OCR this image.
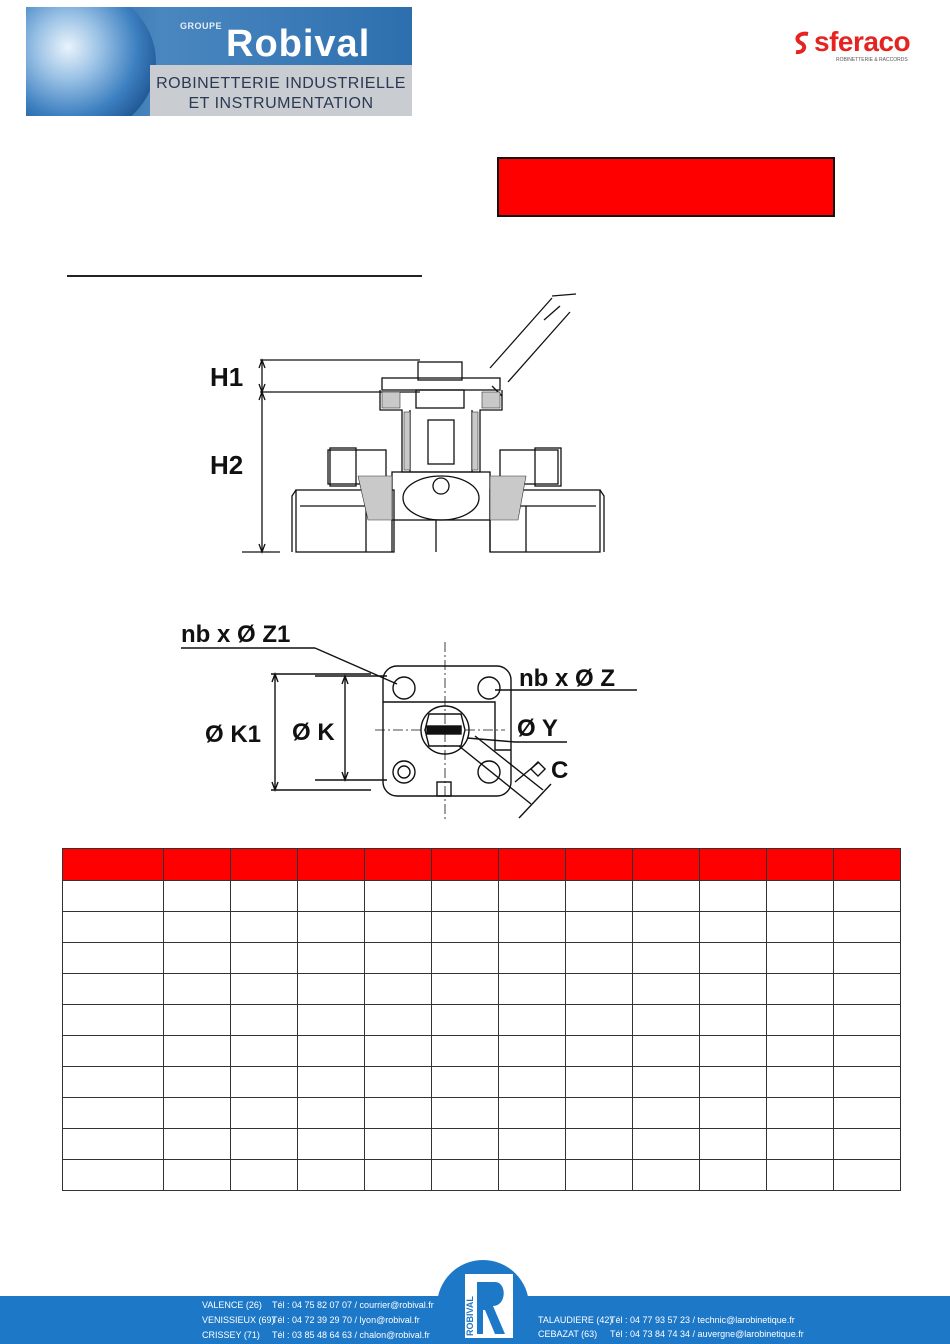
GROUPE Robival
ROBINETTERIE INDUSTRIELLE
ET INSTRUMENTATION
sferaco
ROBINETTERIE & RACCORDS
H1
H2
nb x Ø Z1
nb x Ø Z
Ø K1 Ø K	Ø Y
C

VALENCE (26) Tél : 04 75 82 07 07 / courrier@robival.fr
VENISSIEUX (69)
Tél : 04 72 39 29 70 / lyon@robival.fr
CRISSEY (71) Tél : 03 85 48 64 63 / chalon@robival.fr
TALAUDIERE (42)
Tél : 04 77 93 57 23 / technic@larobinetique.fr
CEBAZAT (63) Tél : 04 73 84 74 34 / auvergne@larobinetique.fr
ROBIVAL
